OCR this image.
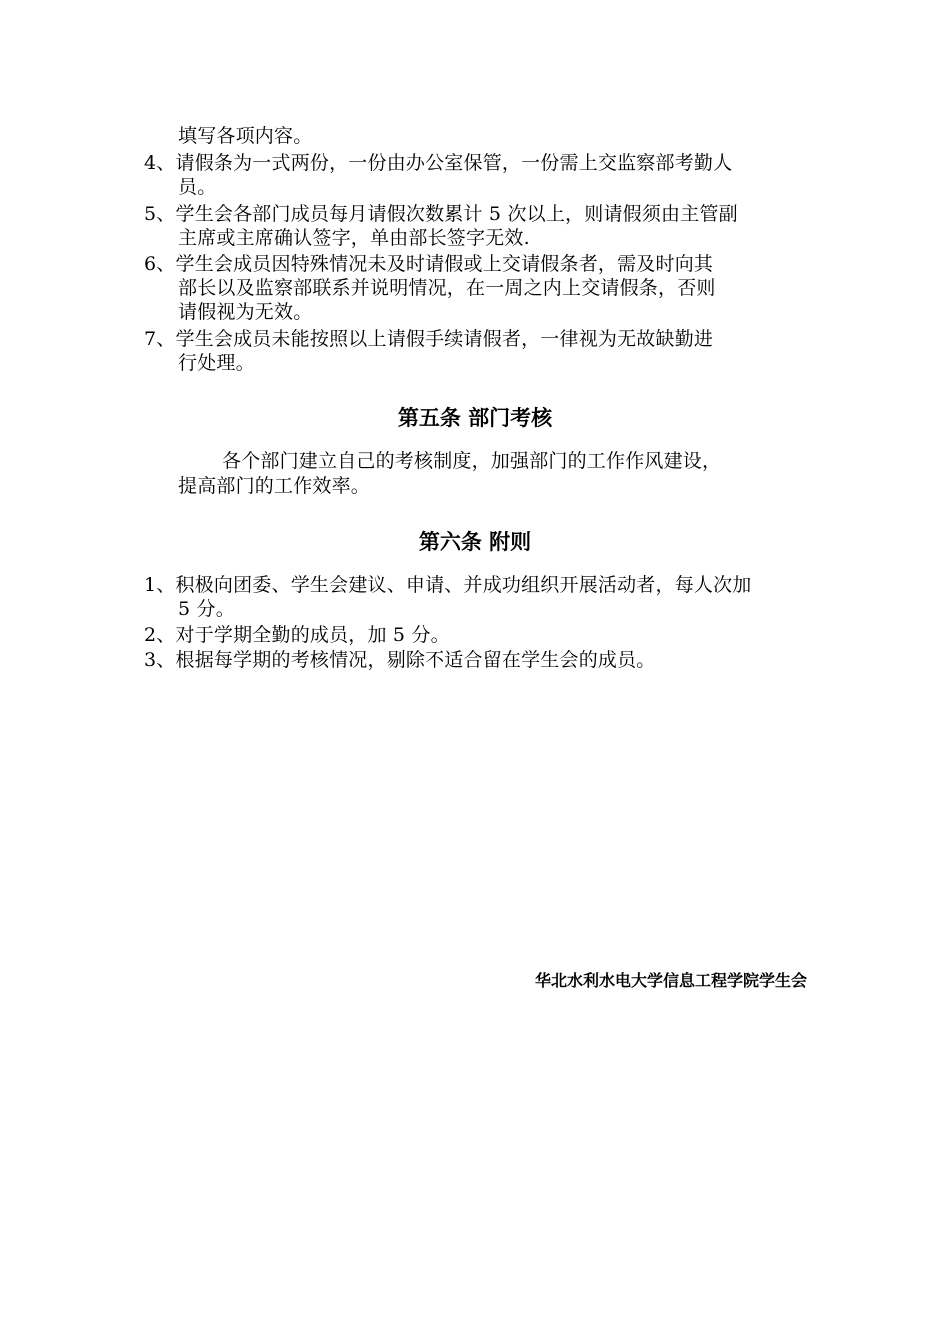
填写各项内容。
4、请假条为一式两份，一份由办公室保管，一份需上交监察部考勤人
员。
5、学生会各部门成员每月请假次数累计 5 次以上，则请假须由主管副
主席或主席确认签字，单由部长签字无效.
6、学生会成员因特殊情况未及时请假或上交请假条者，需及时向其
部长以及监察部联系并说明情况，在一周之内上交请假条，否则
请假视为无效。
7、学生会成员未能按照以上请假手续请假者，一律视为无故缺勤进
行处理。
第五条 部门考核
各个部门建立自己的考核制度，加强部门的工作作风建设，
提高部门的工作效率。
第六条 附则
1、积极向团委、学生会建议、申请、并成功组织开展活动者，每人次加
5 分。
2、对于学期全勤的成员，加 5 分。
3、根据每学期的考核情况，剔除不适合留在学生会的成员。
华北水利水电大学信息工程学院学生会
